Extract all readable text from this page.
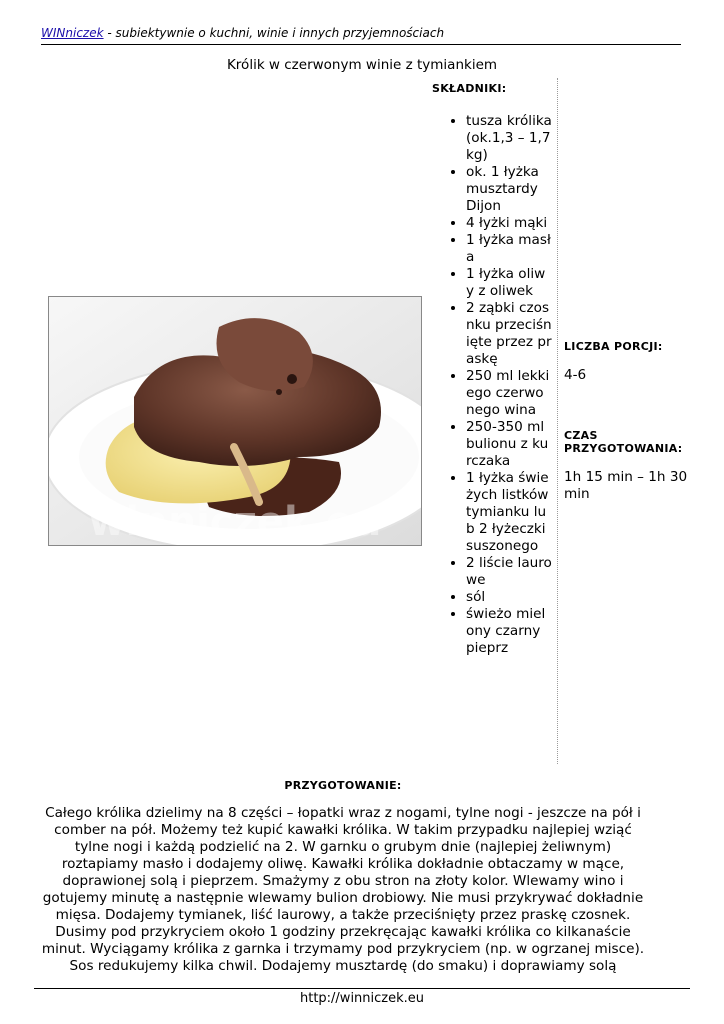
WINniczek - subiektywnie o kuchni, winie i innych przyjemnościach
Królik w czerwonym winie z tymiankiem
winniczek.eu
SKŁADNIKI:
• tusza królika (ok.1,3 – 1,7 kg)
• ok. 1 łyżka musztardy Dijon
• 4 łyżki mąki
• 1 łyżka masła
• 1 łyżka oliwy z oliwek
• 2 ząbki czosnku przeciśnięte przez praskę
• 250 ml lekkiego czerwonego wina
• 250-350 ml bulionu z kurczaka
• 1 łyżka świeżych listków tymianku lub 2 łyżeczki suszonego
• 2 liście laurowe
• sól
• świeżo mielony czarny pieprz
LICZBA PORCJI:
4-6
CZAS PRZYGOTOWANIA:
1h 15 min – 1h 30 min
PRZYGOTOWANIE:
Całego królika dzielimy na 8 części – łopatki wraz z nogami, tylne nogi - jeszcze na pół i comber na pół. Możemy też kupić kawałki królika. W takim przypadku najlepiej wziąć tylne nogi i każdą podzielić na 2. W garnku o grubym dnie (najlepiej żeliwnym) roztapiamy masło i dodajemy oliwę. Kawałki królika dokładnie obtaczamy w mące, doprawionej solą i pieprzem. Smażymy z obu stron na złoty kolor. Wlewamy wino i gotujemy minutę a następnie wlewamy bulion drobiowy. Nie musi przykrywać dokładnie mięsa. Dodajemy tymianek, liść laurowy, a także przeciśnięty przez praskę czosnek. Dusimy pod przykryciem około 1 godziny przekręcając kawałki królika co kilkanaście minut. Wyciągamy królika z garnka i trzymamy pod przykryciem (np. w ogrzanej misce). Sos redukujemy kilka chwil. Dodajemy musztardę (do smaku) i doprawiamy solą
http://winniczek.eu
